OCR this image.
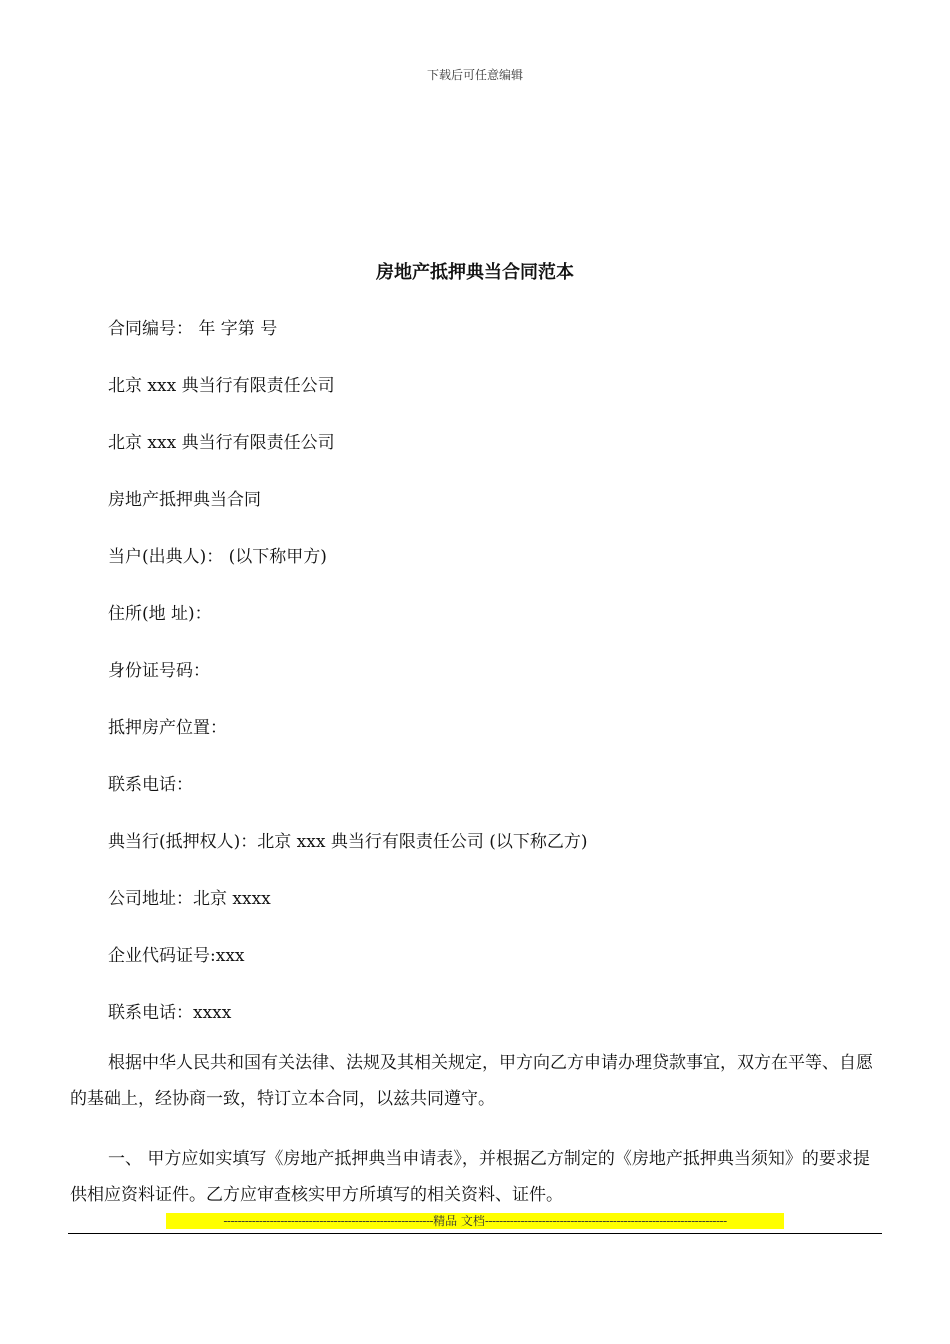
下载后可任意编辑
房地产抵押典当合同范本
合同编号： 年 字第 号
北京 xxx 典当行有限责任公司
北京 xxx 典当行有限责任公司
房地产抵押典当合同
当户(出典人)： (以下称甲方)
住所(地 址)：
身份证号码：
抵押房产位置：
联系电话：
典当行(抵押权人)：北京 xxx 典当行有限责任公司 (以下称乙方)
公司地址：北京 xxxx
企业代码证号:xxx
联系电话：xxxx
根据中华人民共和国有关法律、法规及其相关规定，甲方向乙方申请办理贷款事宜，双方在平等、自愿的基础上，经协商一致，特订立本合同，以兹共同遵守。
一、 甲方应如实填写《房地产抵押典当申请表》，并根据乙方制定的《房地产抵押典当须知》的要求提供相应资料证件。乙方应审查核实甲方所填写的相关资料、证件。
-----------------------------------------------------------精品 文档--------------------------------------------------------------------
